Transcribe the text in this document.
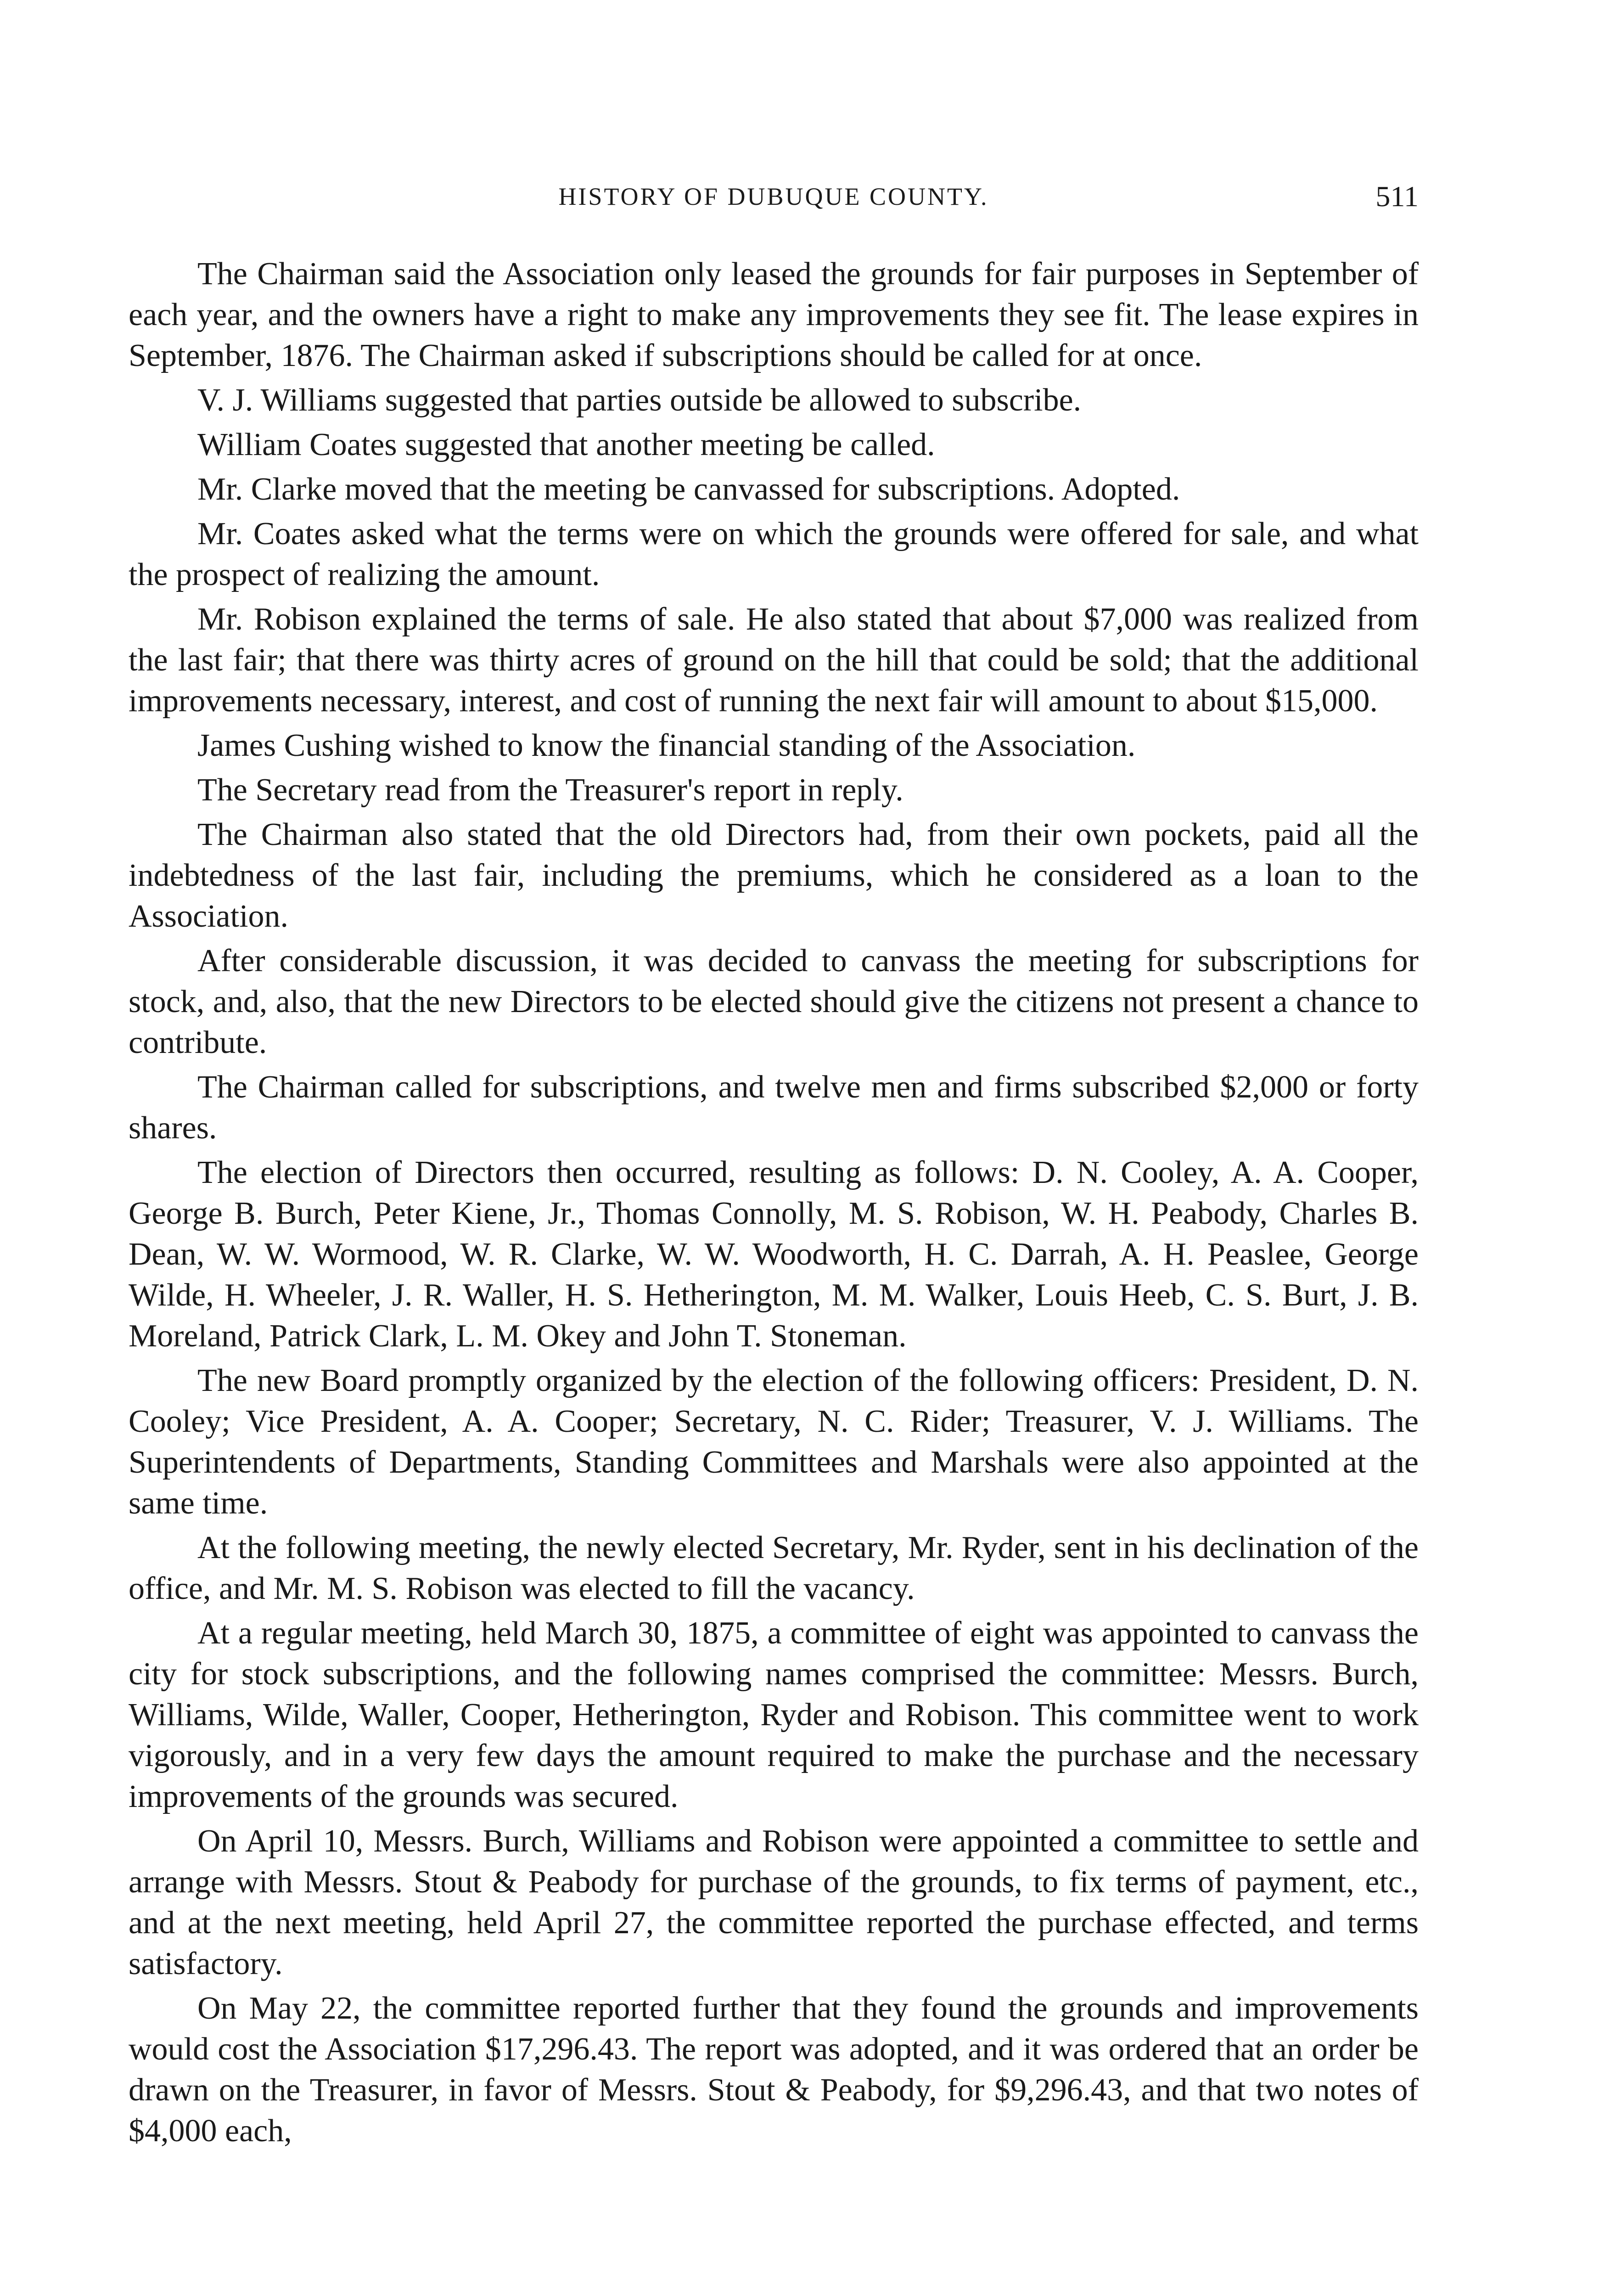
HISTORY OF DUBUQUE COUNTY.	511

The Chairman said the Association only leased the grounds for fair purposes in September of each year, and the owners have a right to make any improvements they see fit. The lease expires in September, 1876. The Chairman asked if subscriptions should be called for at once.

V. J. Williams suggested that parties outside be allowed to subscribe.

William Coates suggested that another meeting be called.

Mr. Clarke moved that the meeting be canvassed for subscriptions. Adopted.

Mr. Coates asked what the terms were on which the grounds were offered for sale, and what the prospect of realizing the amount.

Mr. Robison explained the terms of sale. He also stated that about $7,000 was realized from the last fair; that there was thirty acres of ground on the hill that could be sold; that the additional improvements necessary, interest, and cost of running the next fair will amount to about $15,000.

James Cushing wished to know the financial standing of the Association.

The Secretary read from the Treasurer's report in reply.

The Chairman also stated that the old Directors had, from their own pockets, paid all the indebtedness of the last fair, including the premiums, which he considered as a loan to the Association.

After considerable discussion, it was decided to canvass the meeting for subscriptions for stock, and, also, that the new Directors to be elected should give the citizens not present a chance to contribute.

The Chairman called for subscriptions, and twelve men and firms subscribed $2,000 or forty shares.

The election of Directors then occurred, resulting as follows: D. N. Cooley, A. A. Cooper, George B. Burch, Peter Kiene, Jr., Thomas Connolly, M. S. Robison, W. H. Peabody, Charles B. Dean, W. W. Wormood, W. R. Clarke, W. W. Woodworth, H. C. Darrah, A. H. Peaslee, George Wilde, H. Wheeler, J. R. Waller, H. S. Hetherington, M. M. Walker, Louis Heeb, C. S. Burt, J. B. Moreland, Patrick Clark, L. M. Okey and John T. Stoneman.

The new Board promptly organized by the election of the following officers: President, D. N. Cooley; Vice President, A. A. Cooper; Secretary, N. C. Rider; Treasurer, V. J. Williams. The Superintendents of Departments, Standing Committees and Marshals were also appointed at the same time.

At the following meeting, the newly elected Secretary, Mr. Ryder, sent in his declination of the office, and Mr. M. S. Robison was elected to fill the vacancy.

At a regular meeting, held March 30, 1875, a committee of eight was appointed to canvass the city for stock subscriptions, and the following names comprised the committee: Messrs. Burch, Williams, Wilde, Waller, Cooper, Hetherington, Ryder and Robison. This committee went to work vigorously, and in a very few days the amount required to make the purchase and the necessary improvements of the grounds was secured.

On April 10, Messrs. Burch, Williams and Robison were appointed a committee to settle and arrange with Messrs. Stout & Peabody for purchase of the grounds, to fix terms of payment, etc., and at the next meeting, held April 27, the committee reported the purchase effected, and terms satisfactory.

On May 22, the committee reported further that they found the grounds and improvements would cost the Association $17,296.43. The report was adopted, and it was ordered that an order be drawn on the Treasurer, in favor of Messrs. Stout & Peabody, for $9,296.43, and that two notes of $4,000 each,
